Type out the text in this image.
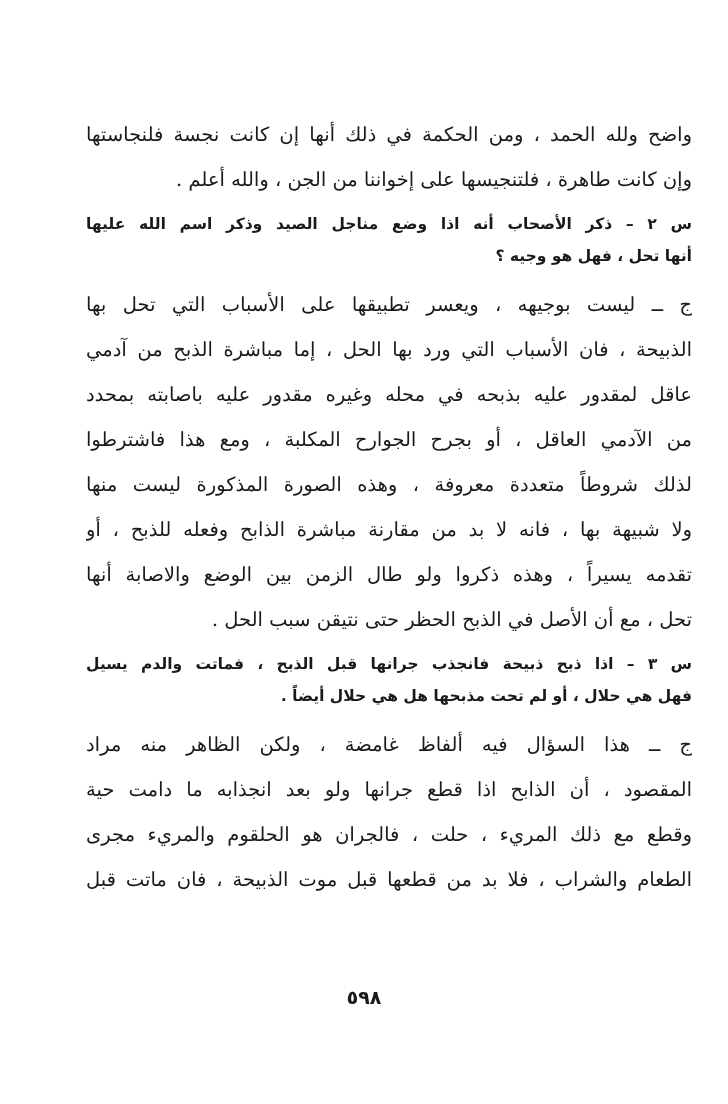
واضح ولله الحمد ، ومن الحكمة في ذلك أنها إن كانت نجسة فلنجاستها
وإن كانت طاهرة ، فلتنجيسها على إخواننا من الجن ، والله أعلم .
س ٢ – ذكر الأصحاب أنه اذا وضع مناجل الصيد وذكر اسم الله عليها
أنها تحل ، فهل هو وجيه ؟
ج ــ ليست بوجيهه ، ويعسر تطبيقها على الأسباب التي تحل بها
الذبيحة ، فان الأسباب التي ورد بها الحل ، إما مباشرة الذبح من آدمي
عاقل لمقدور عليه بذبحه في محله وغيره مقدور عليه باصابته بمحدد
من الآدمي العاقل ، أو بجرح الجوارح المكلبة ، ومع هذا فاشترطوا
لذلك شروطاً متعددة معروفة ، وهذه الصورة المذكورة ليست منها
ولا شبيهة بها ، فانه لا بد من مقارنة مباشرة الذابح وفعله للذبح ، أو
تقدمه يسيراً ، وهذه ذكروا ولو طال الزمن بين الوضع والاصابة أنها
تحل ، مع أن الأصل في الذبح الحظر حتى نتيقن سبب الحل .
س ٣ – اذا ذبح ذبيحة فانجذب جرانها قبل الذبح ، فماتت والدم يسيل
فهل هي حلال ، أو لم تحت مذبحها هل هي حلال أيضاً .
ج ــ هذا السؤال فيه ألفاظ غامضة ، ولكن الظاهر منه مراد
المقصود ، أن الذابح اذا قطع جرانها ولو بعد انجذابه ما دامت حية
وقطع مع ذلك المريء ، حلت ، فالجران هو الحلقوم والمريء مجرى
الطعام والشراب ، فلا بد من قطعها قبل موت الذبيحة ، فان ماتت قبل
٥٩٨
